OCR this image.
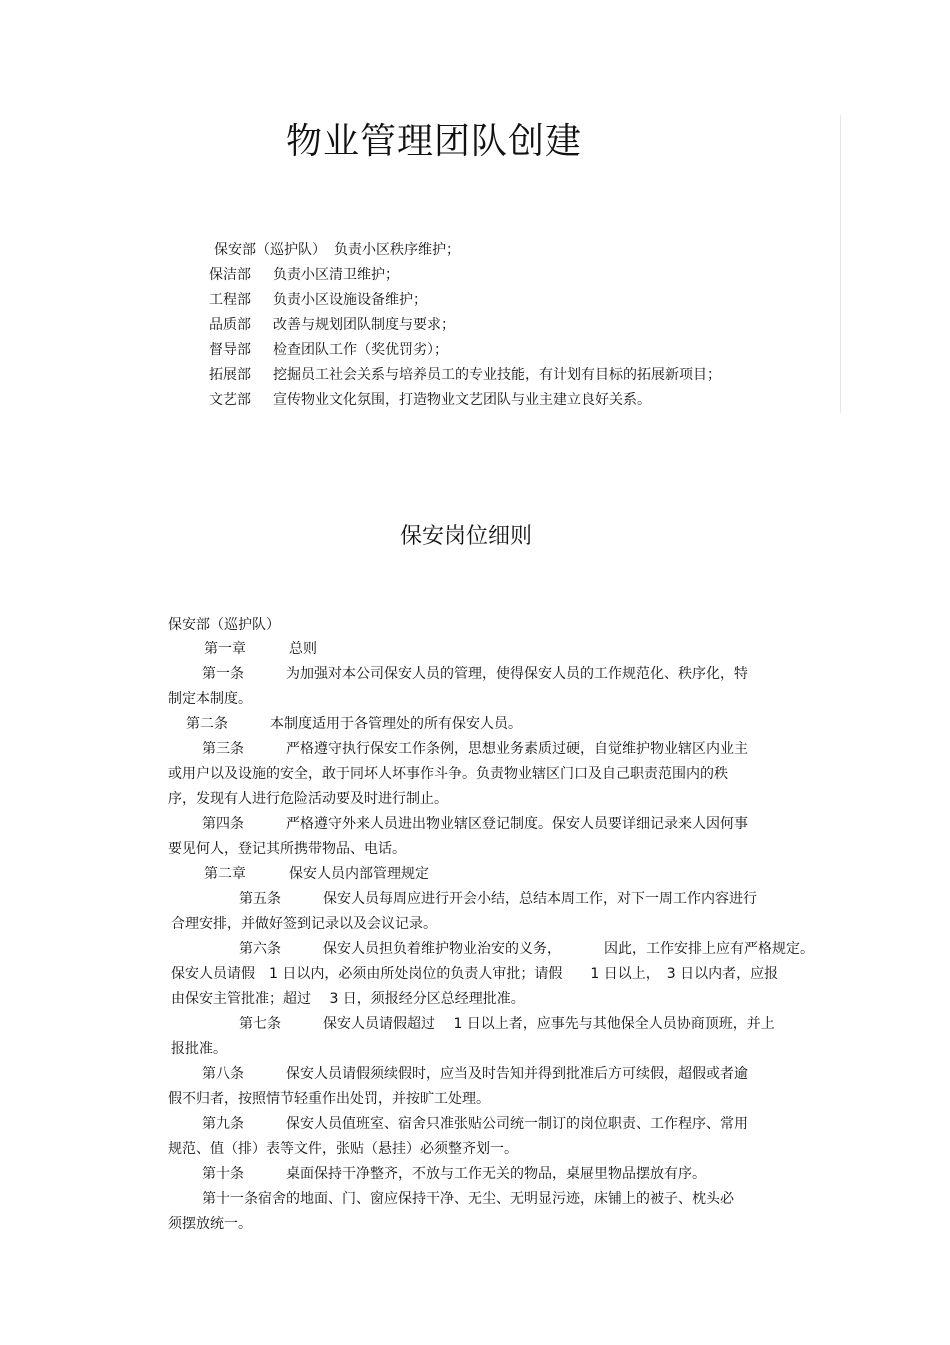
物业管理团队创建
保安部（巡护队） 负责小区秩序维护；
保洁部 负责小区清卫维护；
工程部 负责小区设施设备维护；
品质部 改善与规划团队制度与要求；
督导部 检查团队工作（奖优罚劣）；
拓展部 挖掘员工社会关系与培养员工的专业技能，有计划有目标的拓展新项目；
文艺部 宣传物业文化氛围，打造物业文艺团队与业主建立良好关系。
保安岗位细则
保安部（巡护队）
第一章	总则
第一条	为加强对本公司保安人员的管理，使得保安人员的工作规范化、秩序化，特
制定本制度。
第二条	本制度适用于各管理处的所有保安人员。
第三条	严格遵守执行保安工作条例，思想业务素质过硬，自觉维护物业辖区内业主
或用户以及设施的安全，敢于同坏人坏事作斗争。负责物业辖区门口及自己职责范围内的秩
序，发现有人进行危险活动要及时进行制止。
第四条	严格遵守外来人员进出物业辖区登记制度。保安人员要详细记录来人因何事
要见何人，登记其所携带物品、电话。
第二章	保安人员内部管理规定
第五条	保安人员每周应进行开会小结，总结本周工作，对下一周工作内容进行
合理安排，并做好签到记录以及会议记录。
第六条	保安人员担负着维护物业治安的义务，	因此，工作安排上应有严格规定。
保安人员请假　1 日以内，必须由所处岗位的负责人审批；请假　　1 日以上，　3 日以内者，应报
由保安主管批准；超过　 3 日，须报经分区总经理批准。
第七条	保安人员请假超过　 1 日以上者，应事先与其他保全人员协商顶班，并上
报批准。
第八条	保安人员请假须续假时，应当及时告知并得到批准后方可续假，超假或者逾
假不归者，按照情节轻重作出处罚，并按旷工处理。
第九条	保安人员值班室、宿舍只准张贴公司统一制订的岗位职责、工作程序、常用
规范、值（排）表等文件，张贴（悬挂）必须整齐划一。
第十条	桌面保持干净整齐，不放与工作无关的物品，桌屉里物品摆放有序。
第十一条宿舍的地面、门、窗应保持干净、无尘、无明显污迹，床铺上的被子、枕头必
须摆放统一。
